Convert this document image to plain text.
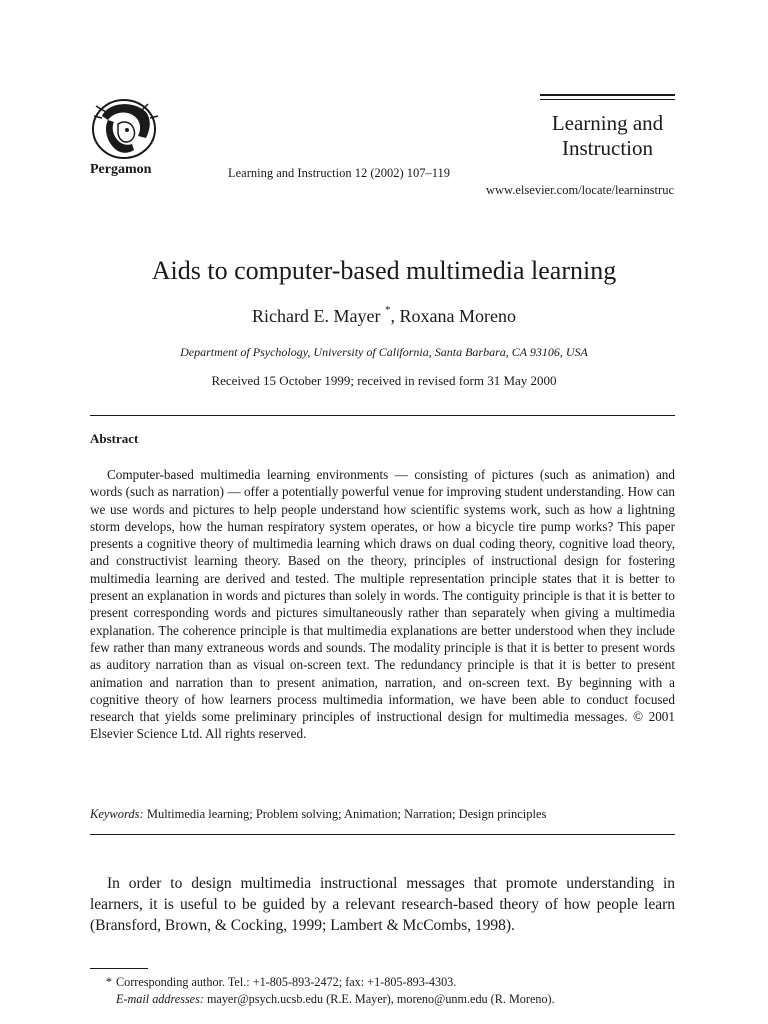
Pergamon	Learning and Instruction 12 (2002) 107–119
Learning and
Instruction
www.elsevier.com/locate/learninstruc
Aids to computer-based multimedia learning
Richard E. Mayer *, Roxana Moreno
Department of Psychology, University of California, Santa Barbara, CA 93106, USA
Received 15 October 1999; received in revised form 31 May 2000
Abstract

Computer-based multimedia learning environments — consisting of pictures (such as animation) and words (such as narration) — offer a potentially powerful venue for improving student understanding. How can we use words and pictures to help people understand how scientific systems work, such as how a lightning storm develops, how the human respiratory system operates, or how a bicycle tire pump works? This paper presents a cognitive theory of multimedia learning which draws on dual coding theory, cognitive load theory, and constructivist learning theory. Based on the theory, principles of instructional design for fostering multimedia learning are derived and tested. The multiple representation principle states that it is better to present an explanation in words and pictures than solely in words. The contiguity principle is that it is better to present corresponding words and pictures simultaneously rather than separately when giving a multimedia explanation. The coherence principle is that multimedia explanations are better understood when they include few rather than many extraneous words and sounds. The modality principle is that it is better to present words as auditory narration than as visual on-screen text. The redundancy principle is that it is better to present animation and narration than to present animation, narration, and on-screen text. By beginning with a cognitive theory of how learners process multimedia information, we have been able to conduct focused research that yields some preliminary principles of instructional design for multimedia messages. © 2001 Elsevier Science Ltd. All rights reserved.

Keywords: Multimedia learning; Problem solving; Animation; Narration; Design principles

In order to design multimedia instructional messages that promote understanding in learners, it is useful to be guided by a relevant research-based theory of how people learn (Bransford, Brown, & Cocking, 1999; Lambert & McCombs, 1998).

* Corresponding author. Tel.: +1-805-893-2472; fax: +1-805-893-4303.
E-mail addresses: mayer@psych.ucsb.edu (R.E. Mayer), moreno@unm.edu (R. Moreno).
